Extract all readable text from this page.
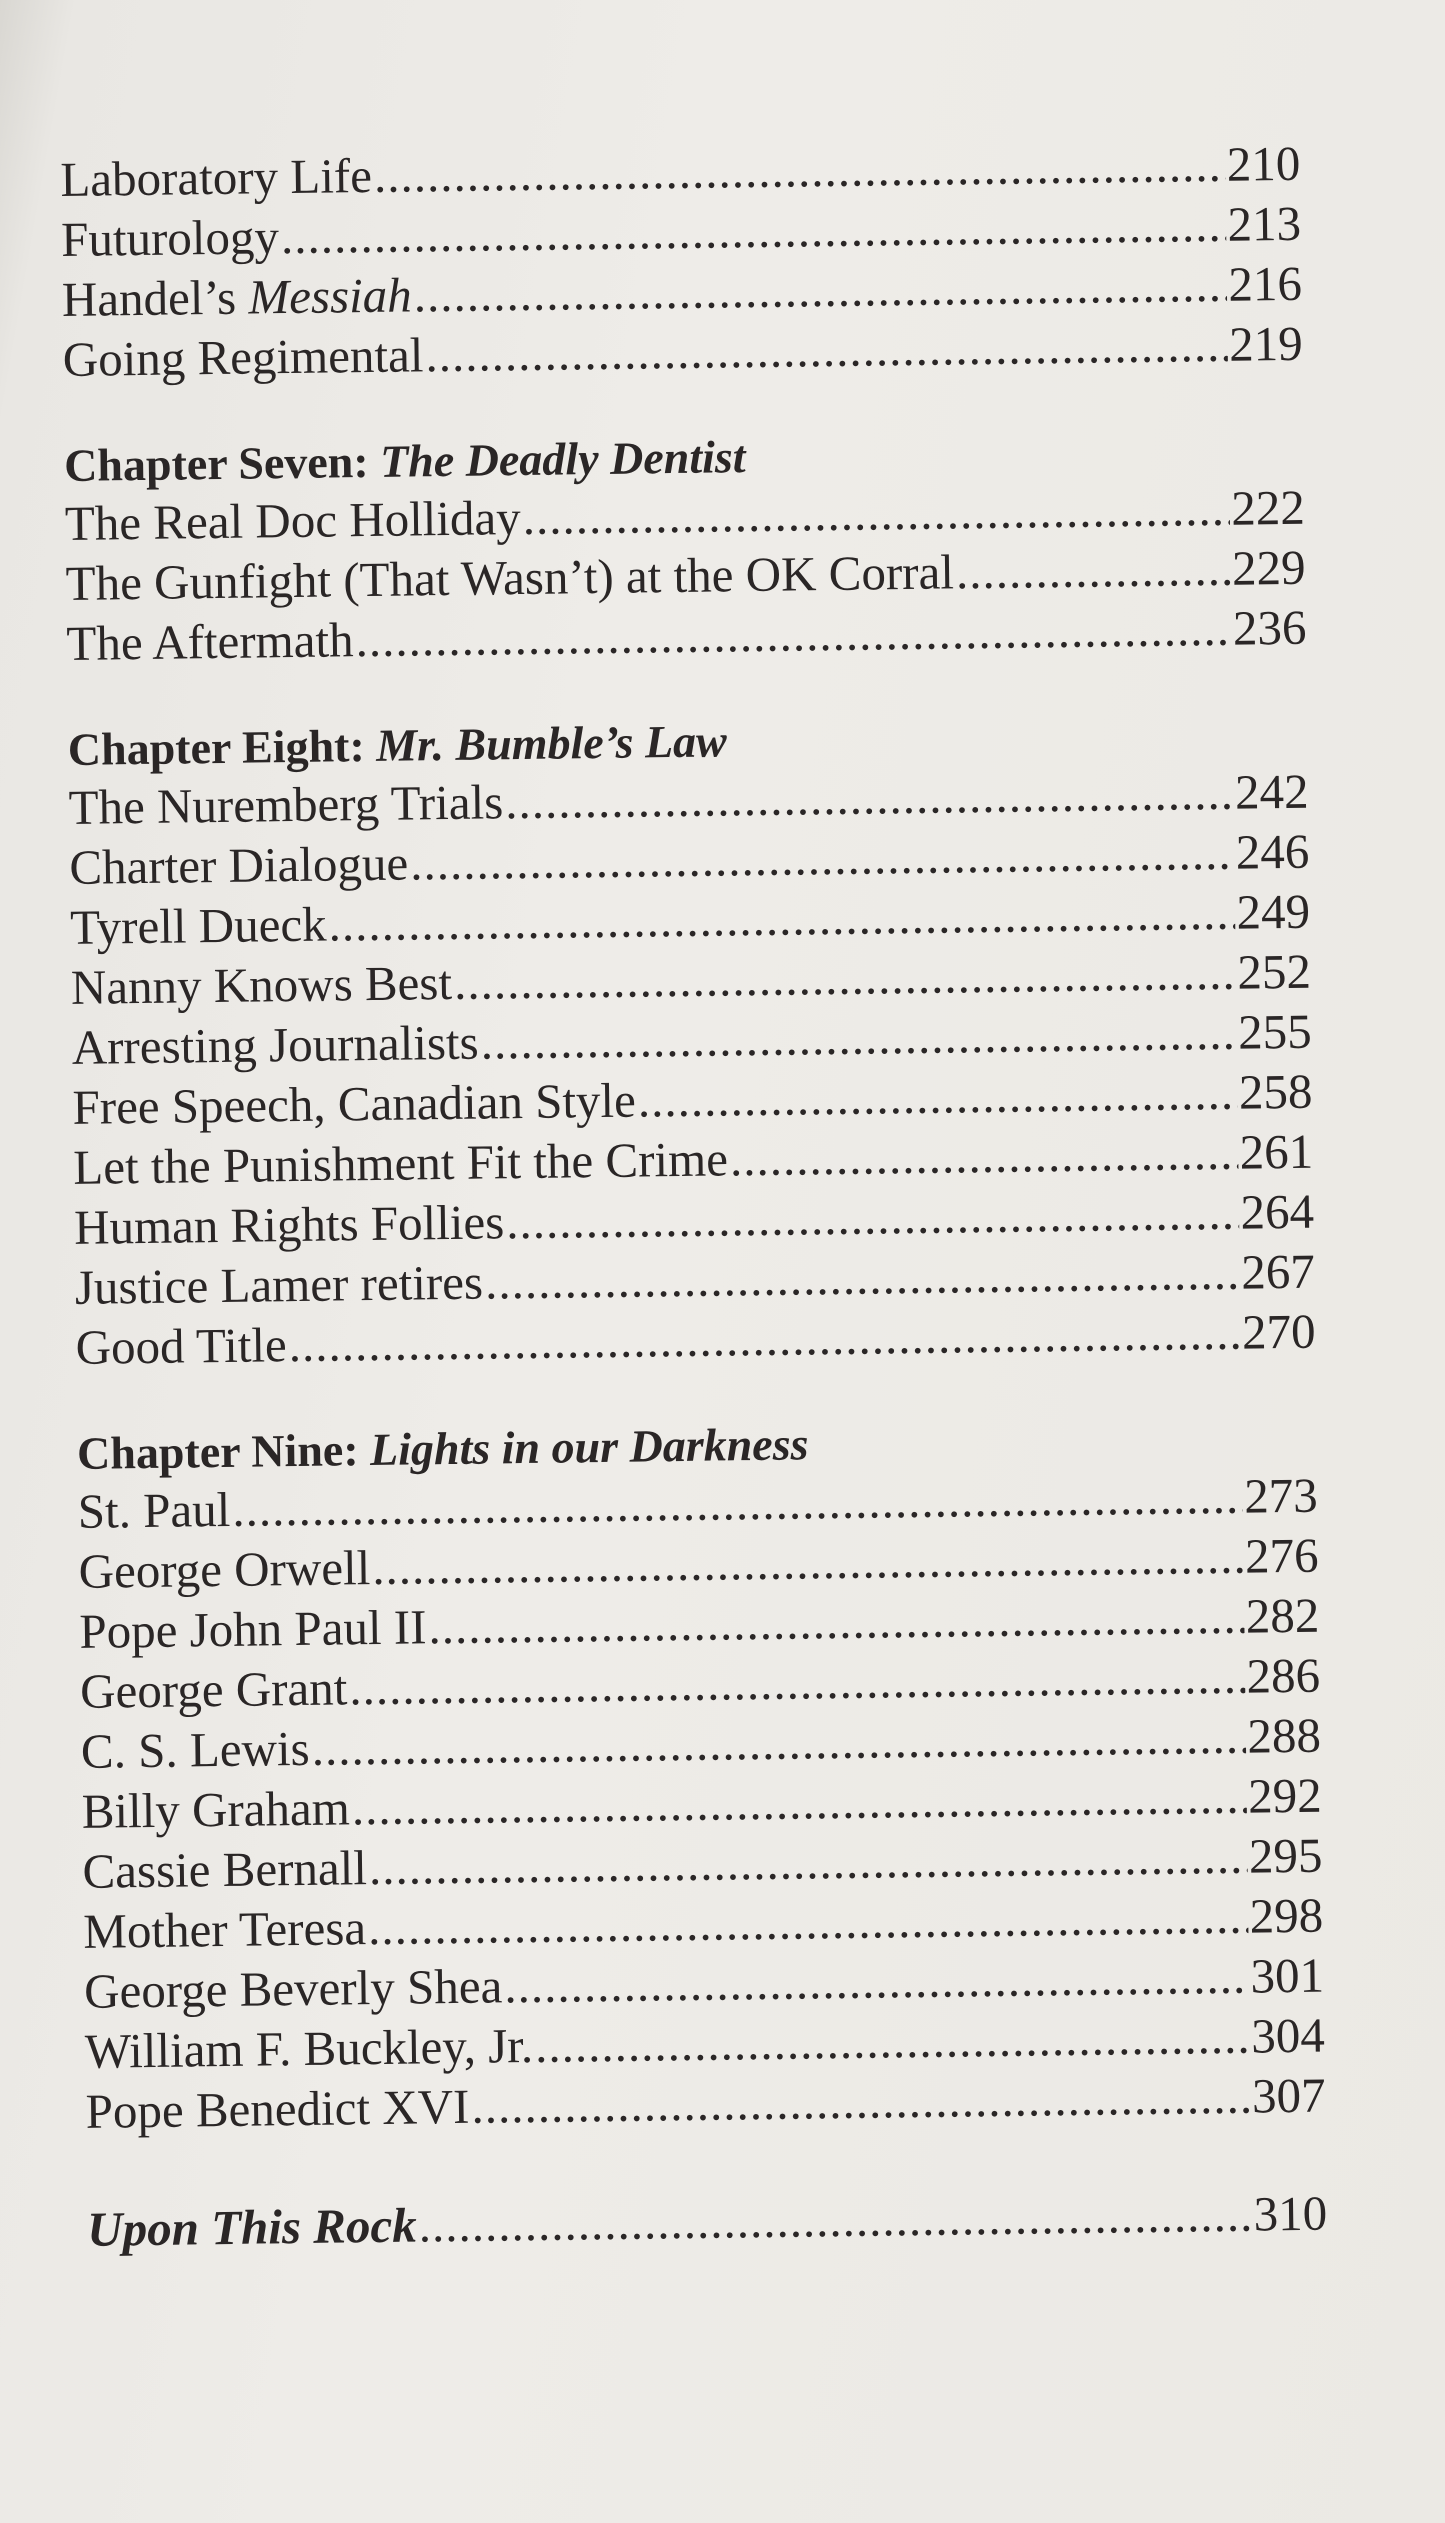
Laboratory Life .....	210
Futurology .....	213
Handel’s Messiah .....	216
Going Regimental .....	219
Chapter Seven: The Deadly Dentist
The Real Doc Holliday .....	222
The Gunfight (That Wasn’t) at the OK Corral .....	229
The Aftermath .....	236
Chapter Eight: Mr. Bumble’s Law
The Nuremberg Trials .....	242
Charter Dialogue .....	246
Tyrell Dueck .....	249
Nanny Knows Best .....	252
Arresting Journalists .....	255
Free Speech, Canadian Style .....	258
Let the Punishment Fit the Crime .....	261
Human Rights Follies .....	264
Justice Lamer retires .....	267
Good Title .....	270
Chapter Nine: Lights in our Darkness
St. Paul .....	273
George Orwell .....	276
Pope John Paul II .....	282
George Grant .....	286
C. S. Lewis .....	288
Billy Graham .....	292
Cassie Bernall .....	295
Mother Teresa .....	298
George Beverly Shea .....	301
William F. Buckley, Jr. .....	304
Pope Benedict XVI .....	307
Upon This Rock .....	310
